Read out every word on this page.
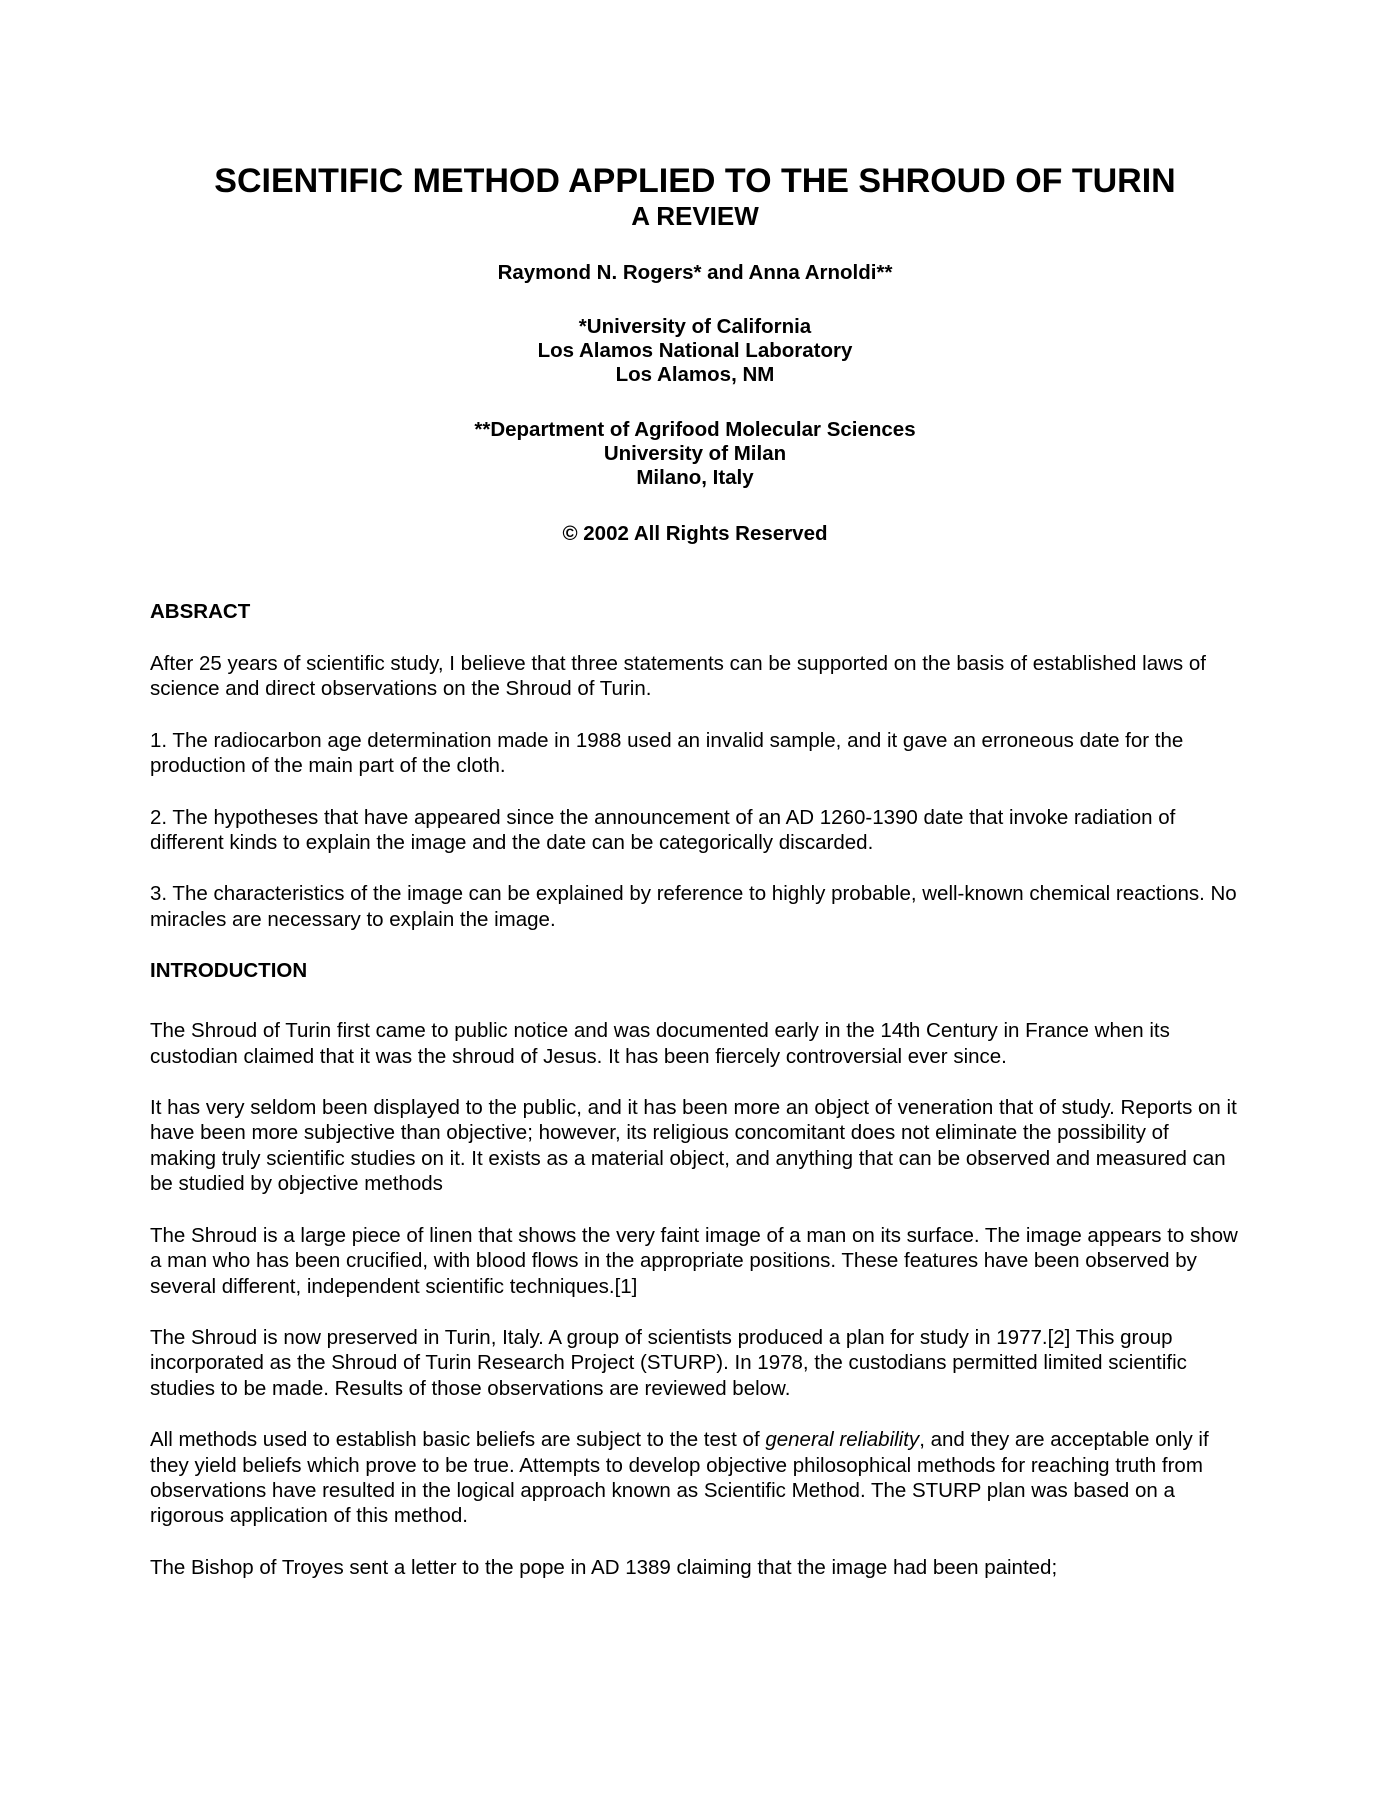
SCIENTIFIC METHOD APPLIED TO THE SHROUD OF TURIN
A REVIEW
Raymond N. Rogers* and Anna Arnoldi**
*University of California
Los Alamos National Laboratory
Los Alamos, NM
**Department of Agrifood Molecular Sciences
University of Milan
Milano, Italy
© 2002 All Rights Reserved
ABSRACT

After 25 years of scientific study, I believe that three statements can be supported on the basis of established laws of science and direct observations on the Shroud of Turin.

1. The radiocarbon age determination made in 1988 used an invalid sample, and it gave an erroneous date for the production of the main part of the cloth.

2. The hypotheses that have appeared since the announcement of an AD 1260-1390 date that invoke radiation of different kinds to explain the image and the date can be categorically discarded.

3. The characteristics of the image can be explained by reference to highly probable, well-known chemical reactions. No miracles are necessary to explain the image.

INTRODUCTION

The Shroud of Turin first came to public notice and was documented early in the 14th Century in France when its custodian claimed that it was the shroud of Jesus. It has been fiercely controversial ever since.

It has very seldom been displayed to the public, and it has been more an object of veneration that of study. Reports on it have been more subjective than objective; however, its religious concomitant does not eliminate the possibility of making truly scientific studies on it. It exists as a material object, and anything that can be observed and measured can be studied by objective methods

The Shroud is a large piece of linen that shows the very faint image of a man on its surface. The image appears to show a man who has been crucified, with blood flows in the appropriate positions. These features have been observed by several different, independent scientific techniques.[1]

The Shroud is now preserved in Turin, Italy. A group of scientists produced a plan for study in 1977.[2] This group incorporated as the Shroud of Turin Research Project (STURP). In 1978, the custodians permitted limited scientific studies to be made. Results of those observations are reviewed below.

All methods used to establish basic beliefs are subject to the test of general reliability, and they are acceptable only if they yield beliefs which prove to be true. Attempts to develop objective philosophical methods for reaching truth from observations have resulted in the logical approach known as Scientific Method. The STURP plan was based on a rigorous application of this method.

The Bishop of Troyes sent a letter to the pope in AD 1389 claiming that the image had been painted;
